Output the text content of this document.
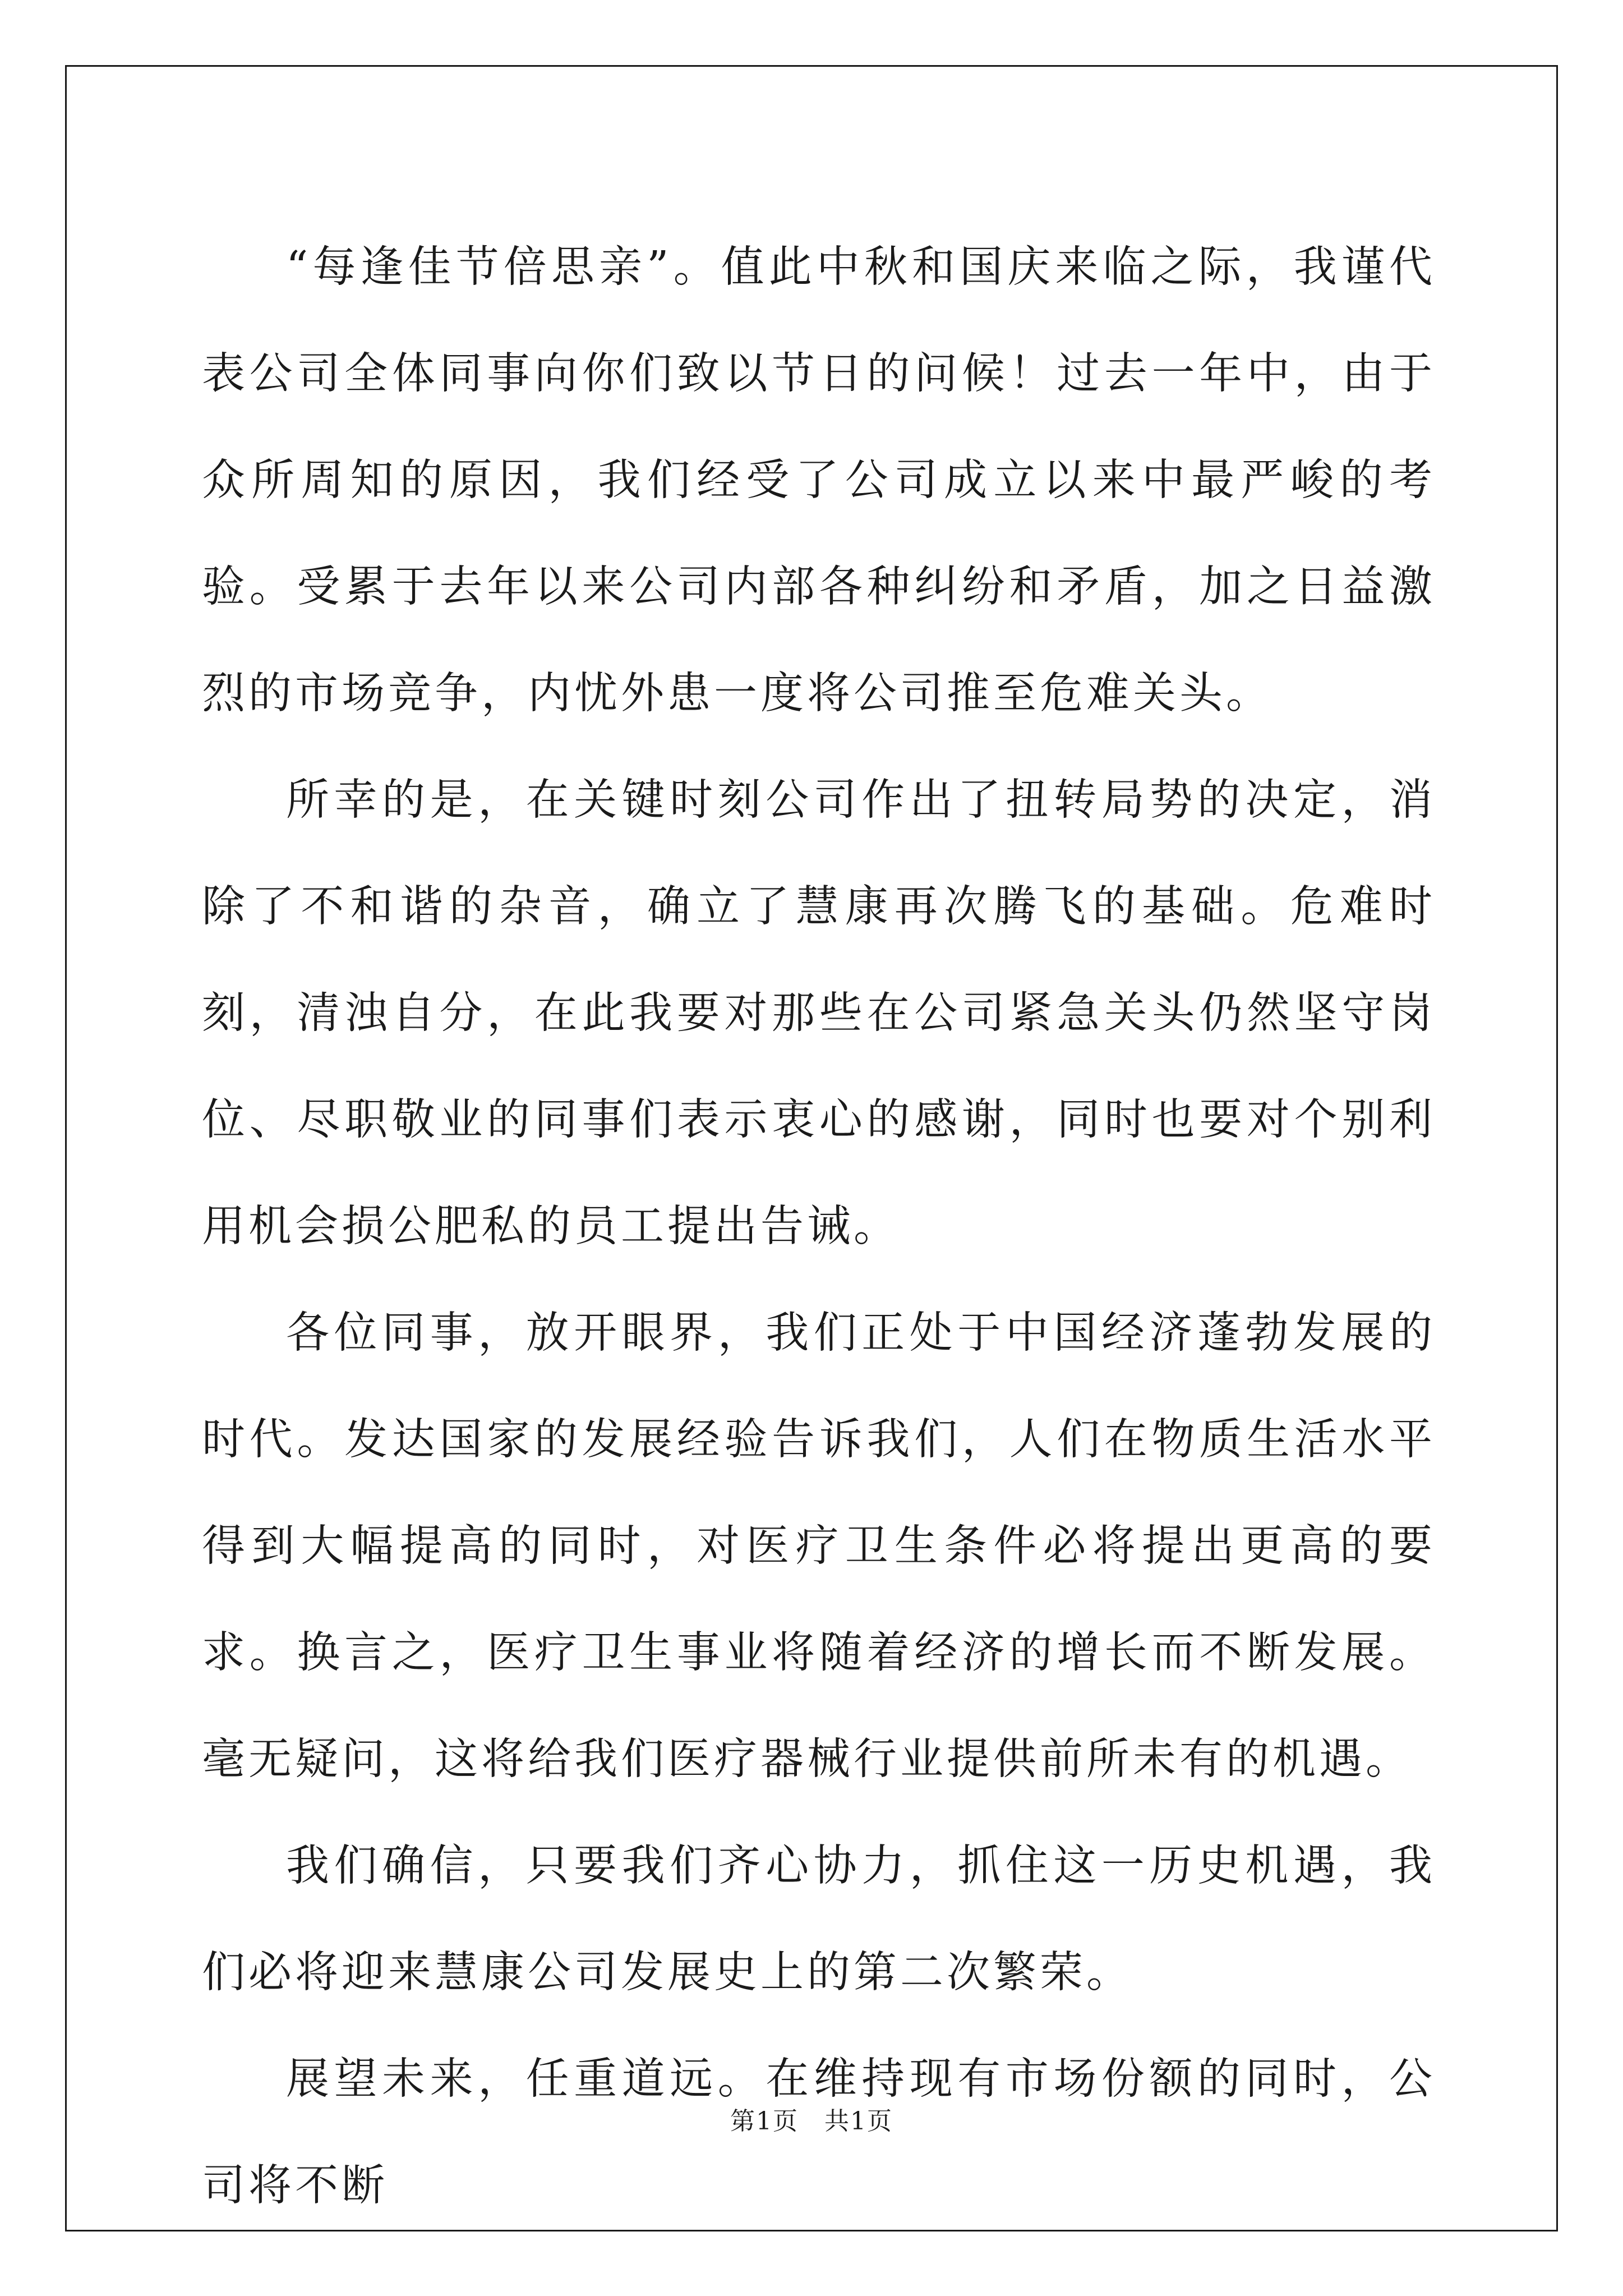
“每逢佳节倍思亲”。值此中秋和国庆来临之际，我谨代表公司全体同事向你们致以节日的问候！过去一年中，由于众所周知的原因，我们经受了公司成立以来中最严峻的考验。受累于去年以来公司内部各种纠纷和矛盾，加之日益激烈的市场竞争，内忧外患一度将公司推至危难关头。

所幸的是，在关键时刻公司作出了扭转局势的决定，消除了不和谐的杂音，确立了慧康再次腾飞的基础。危难时刻，清浊自分，在此我要对那些在公司紧急关头仍然坚守岗位、尽职敬业的同事们表示衷心的感谢，同时也要对个别利用机会损公肥私的员工提出告诫。

各位同事，放开眼界，我们正处于中国经济蓬勃发展的时代。发达国家的发展经验告诉我们，人们在物质生活水平得到大幅提高的同时，对医疗卫生条件必将提出更高的要求。换言之，医疗卫生事业将随着经济的增长而不断发展。毫无疑问，这将给我们医疗器械行业提供前所未有的机遇。

我们确信，只要我们齐心协力，抓住这一历史机遇，我们必将迎来慧康公司发展史上的第二次繁荣。

展望未来，任重道远。在维持现有市场份额的同时，公司将不断

第1页　共1页
